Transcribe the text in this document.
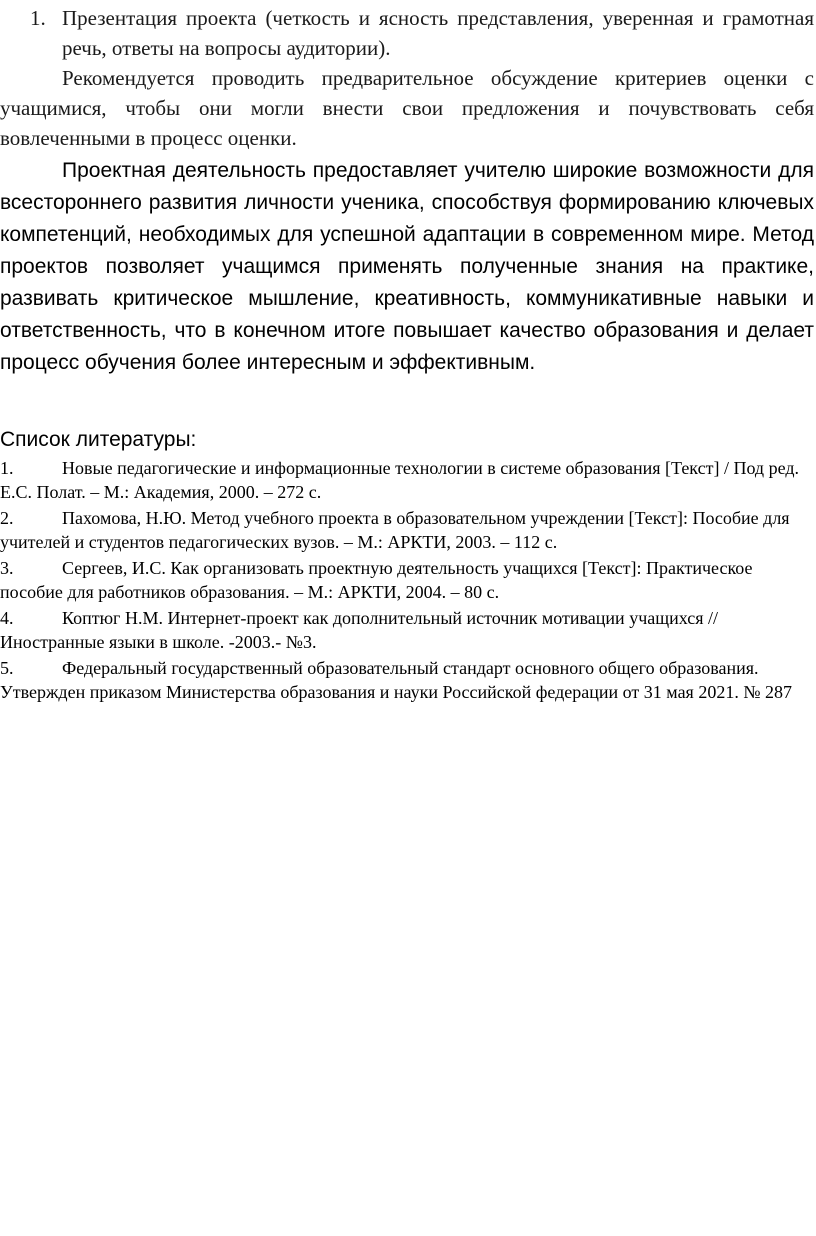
1. Презентация проекта (четкость и ясность представления, уверенная и грамотная речь, ответы на вопросы аудитории).

Рекомендуется проводить предварительное обсуждение критериев оценки с учащимися, чтобы они могли внести свои предложения и почувствовать себя вовлеченными в процесс оценки.

Проектная деятельность предоставляет учителю широкие возможности для всестороннего развития личности ученика, способствуя формированию ключевых компетенций, необходимых для успешной адаптации в современном мире. Метод проектов позволяет учащимся применять полученные знания на практике, развивать критическое мышление, креативность, коммуникативные навыки и ответственность, что в конечном итоге повышает качество образования и делает процесс обучения более интересным и эффективным.

Список литературы:
1.	Новые педагогические и информационные технологии в системе образования [Текст] / Под ред. Е.С. Полат. – М.: Академия, 2000. – 272 с.
2.	Пахомова, Н.Ю. Метод учебного проекта в образовательном учреждении [Текст]: Пособие для учителей и студентов педагогических вузов. – М.: АРКТИ, 2003. – 112 с.
3.	Сергеев, И.С. Как организовать проектную деятельность учащихся [Текст]: Практическое пособие для работников образования. – М.: АРКТИ, 2004. – 80 с.
4.	Коптюг Н.М. Интернет-проект как дополнительный источник мотивации учащихся // Иностранные языки в школе. -2003.- №3.
5.	Федеральный государственный образовательный стандарт основного общего образования. Утвержден приказом Министерства образования и науки Российской федерации от 31 мая 2021. № 287
